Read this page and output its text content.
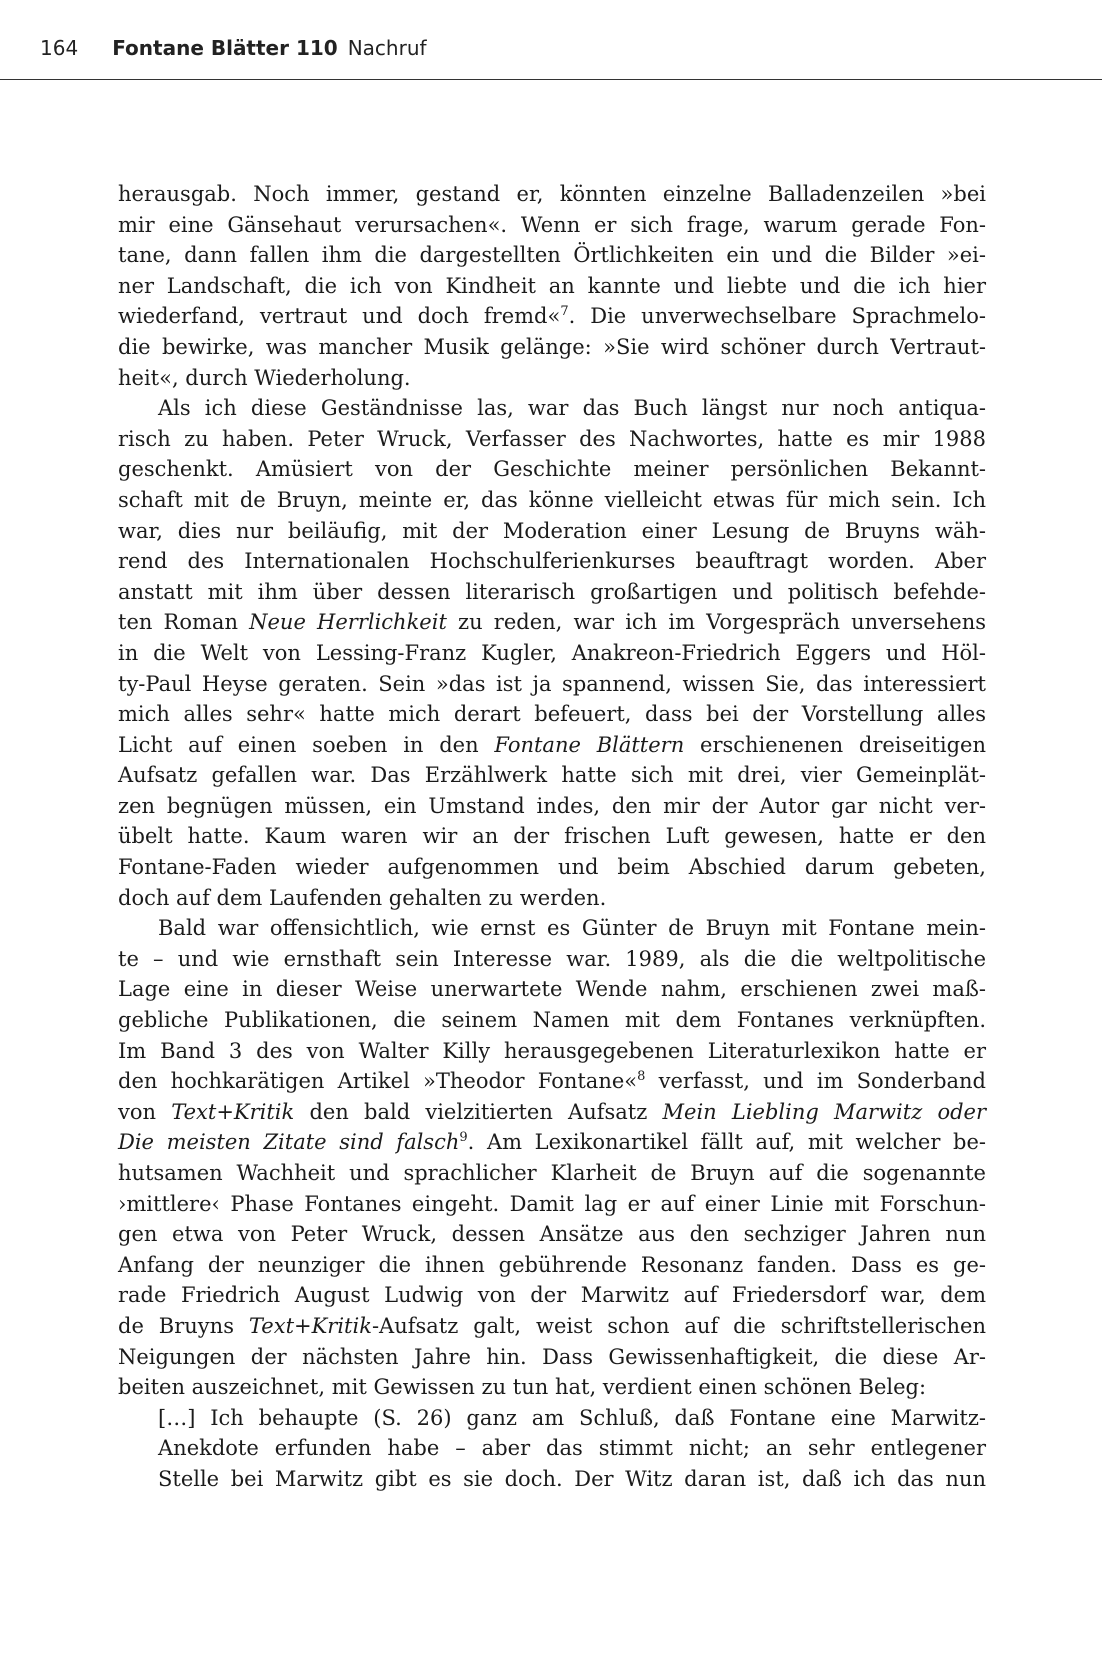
164 Fontane Blätter 110 Nachruf
herausgab. Noch immer, gestand er, könnten einzelne Balladenzeilen »bei
mir eine Gänsehaut verursachen«. Wenn er sich frage, warum gerade Fon-
tane, dann fallen ihm die dargestellten Örtlichkeiten ein und die Bilder »ei-
ner Landschaft, die ich von Kindheit an kannte und liebte und die ich hier
wiederfand, vertraut und doch fremd«$^7$. Die unverwechselbare Sprachmelo-
die bewirke, was mancher Musik gelänge: »Sie wird schöner durch Vertraut-
heit«, durch Wiederholung.
Als ich diese Geständnisse las, war das Buch längst nur noch antiqua-
risch zu haben. Peter Wruck, Verfasser des Nachwortes, hatte es mir 1988
geschenkt. Amüsiert von der Geschichte meiner persönlichen Bekannt-
schaft mit de Bruyn, meinte er, das könne vielleicht etwas für mich sein. Ich
war, dies nur beiläufig, mit der Moderation einer Lesung de Bruyns wäh-
rend des Internationalen Hochschulferienkurses beauftragt worden. Aber
anstatt mit ihm über dessen literarisch großartigen und politisch befehde-
ten Roman Neue Herrlichkeit zu reden, war ich im Vorgespräch unversehens
in die Welt von Lessing-Franz Kugler, Anakreon-Friedrich Eggers und Höl-
ty-Paul Heyse geraten. Sein »das ist ja spannend, wissen Sie, das interessiert
mich alles sehr« hatte mich derart befeuert, dass bei der Vorstellung alles
Licht auf einen soeben in den Fontane Blättern erschienenen dreiseitigen
Aufsatz gefallen war. Das Erzählwerk hatte sich mit drei, vier Gemeinplät-
zen begnügen müssen, ein Umstand indes, den mir der Autor gar nicht ver-
übelt hatte. Kaum waren wir an der frischen Luft gewesen, hatte er den
Fontane-Faden wieder aufgenommen und beim Abschied darum gebeten,
doch auf dem Laufenden gehalten zu werden.
Bald war offensichtlich, wie ernst es Günter de Bruyn mit Fontane mein-
te – und wie ernsthaft sein Interesse war. 1989, als die die weltpolitische
Lage eine in dieser Weise unerwartete Wende nahm, erschienen zwei maß-
gebliche Publikationen, die seinem Namen mit dem Fontanes verknüpften.
Im Band 3 des von Walter Killy herausgegebenen Literaturlexikon hatte er
den hochkarätigen Artikel »Theodor Fontane«$^8$ verfasst, und im Sonderband
von Text+Kritik den bald vielzitierten Aufsatz Mein Liebling Marwitz oder
Die meisten Zitate sind falsch$^9$. Am Lexikonartikel fällt auf, mit welcher be-
hutsamen Wachheit und sprachlicher Klarheit de Bruyn auf die sogenannte
›mittlere‹ Phase Fontanes eingeht. Damit lag er auf einer Linie mit Forschun-
gen etwa von Peter Wruck, dessen Ansätze aus den sechziger Jahren nun
Anfang der neunziger die ihnen gebührende Resonanz fanden. Dass es ge-
rade Friedrich August Ludwig von der Marwitz auf Friedersdorf war, dem
de Bruyns Text+Kritik-Aufsatz galt, weist schon auf die schriftstellerischen
Neigungen der nächsten Jahre hin. Dass Gewissenhaftigkeit, die diese Ar-
beiten auszeichnet, mit Gewissen zu tun hat, verdient einen schönen Beleg:
[…] Ich behaupte (S. 26) ganz am Schluß, daß Fontane eine Marwitz-
Anekdote erfunden habe – aber das stimmt nicht; an sehr entlegener
Stelle bei Marwitz gibt es sie doch. Der Witz daran ist, daß ich das nun
